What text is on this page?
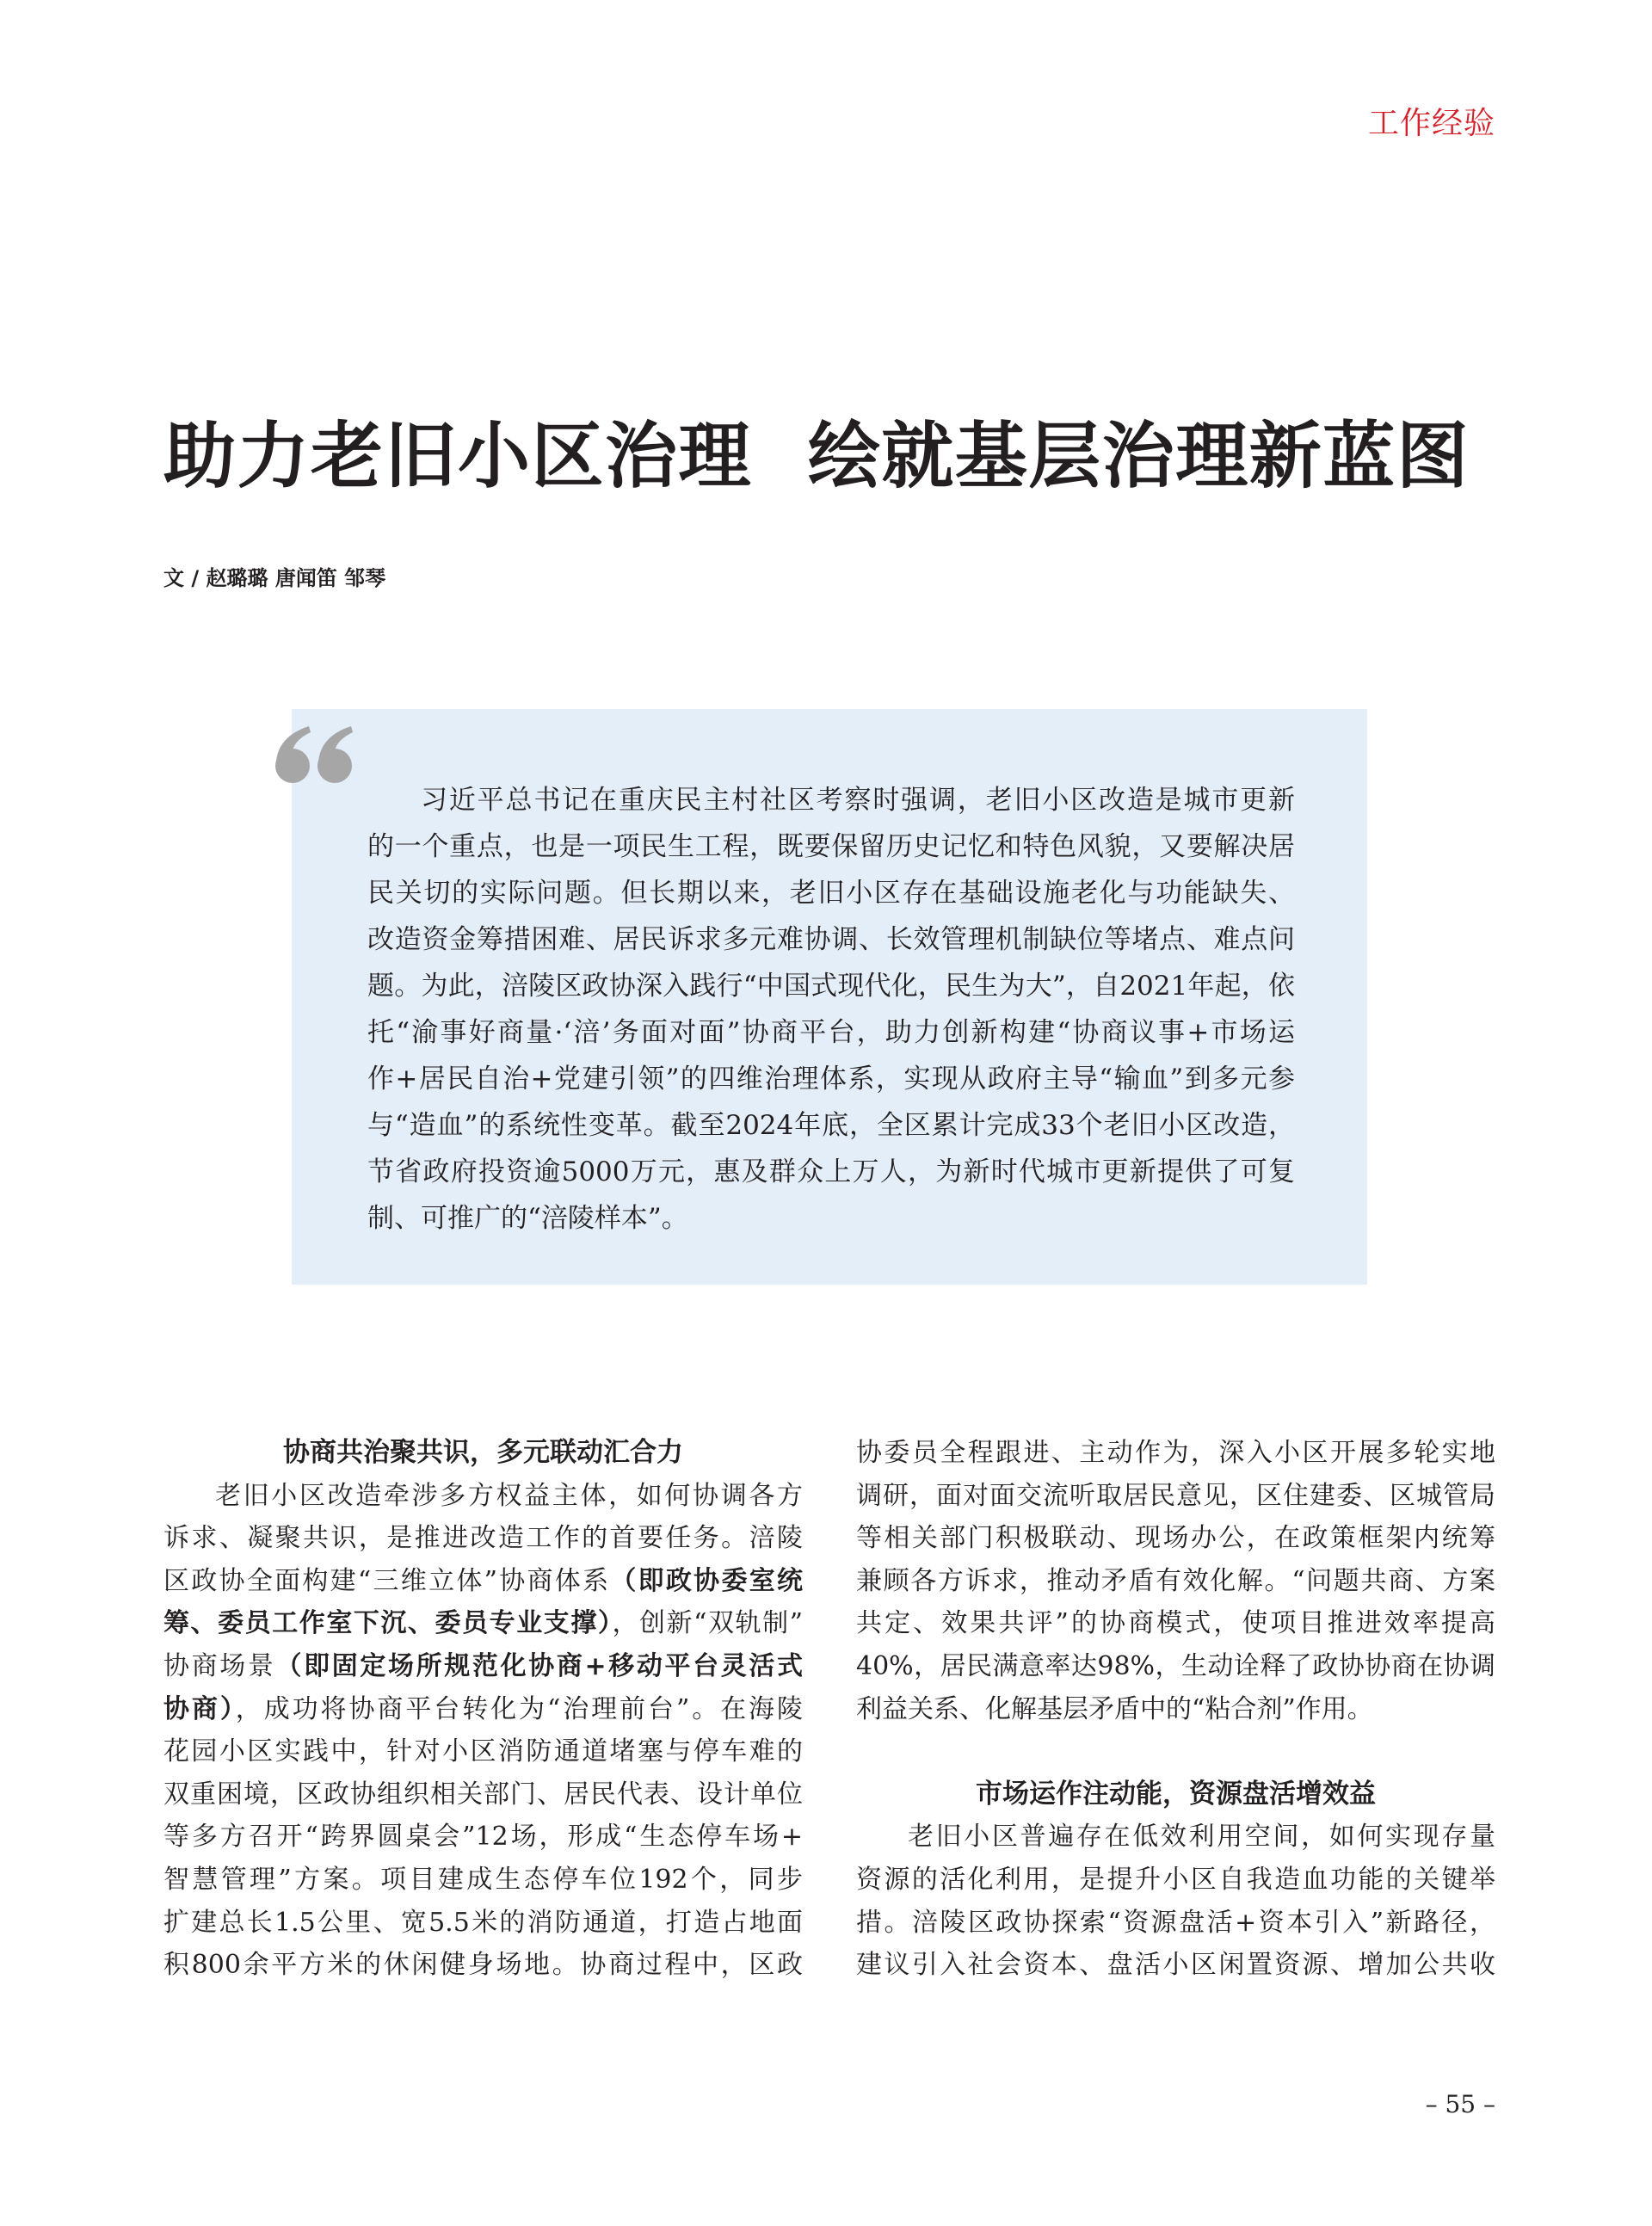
工作经验
助力老旧小区治理 绘就基层治理新蓝图
文 / 赵璐璐 唐闻笛 邹琴
习近平总书记在重庆民主村社区考察时强调，老旧小区改造是城市更新
的一个重点，也是一项民生工程，既要保留历史记忆和特色风貌，又要解决居
民关切的实际问题。但长期以来，老旧小区存在基础设施老化与功能缺失、
改造资金筹措困难、居民诉求多元难协调、长效管理机制缺位等堵点、难点问
题。为此，涪陵区政协深入践行“中国式现代化，民生为大”，自2021年起，依
托“渝事好商量·‘涪’务面对面”协商平台，助力创新构建“协商议事+市场运
作+居民自治+党建引领”的四维治理体系，实现从政府主导“输血”到多元参
与“造血”的系统性变革。截至2024年底，全区累计完成33个老旧小区改造，
节省政府投资逾5000万元，惠及群众上万人，为新时代城市更新提供了可复
制、可推广的“涪陵样本”。
协商共治聚共识，多元联动汇合力
老旧小区改造牵涉多方权益主体，如何协调各方
诉求、凝聚共识，是推进改造工作的首要任务。涪陵
区政协全面构建“三维立体”协商体系（即政协委室统
筹、委员工作室下沉、委员专业支撑），创新“双轨制”
协商场景（即固定场所规范化协商+移动平台灵活式
协商），成功将协商平台转化为“治理前台”。在海陵
花园小区实践中，针对小区消防通道堵塞与停车难的
双重困境，区政协组织相关部门、居民代表、设计单位
等多方召开“跨界圆桌会”12场，形成“生态停车场+
智慧管理”方案。项目建成生态停车位192个，同步
扩建总长1.5公里、宽5.5米的消防通道，打造占地面
积800余平方米的休闲健身场地。协商过程中，区政
协委员全程跟进、主动作为，深入小区开展多轮实地
调研，面对面交流听取居民意见，区住建委、区城管局
等相关部门积极联动、现场办公，在政策框架内统筹
兼顾各方诉求，推动矛盾有效化解。“问题共商、方案
共定、效果共评”的协商模式，使项目推进效率提高
40%，居民满意率达98%，生动诠释了政协协商在协调
利益关系、化解基层矛盾中的“粘合剂”作用。
市场运作注动能，资源盘活增效益
老旧小区普遍存在低效利用空间，如何实现存量
资源的活化利用，是提升小区自我造血功能的关键举
措。涪陵区政协探索“资源盘活+资本引入”新路径，
建议引入社会资本、盘活小区闲置资源、增加公共收
– 55 –
